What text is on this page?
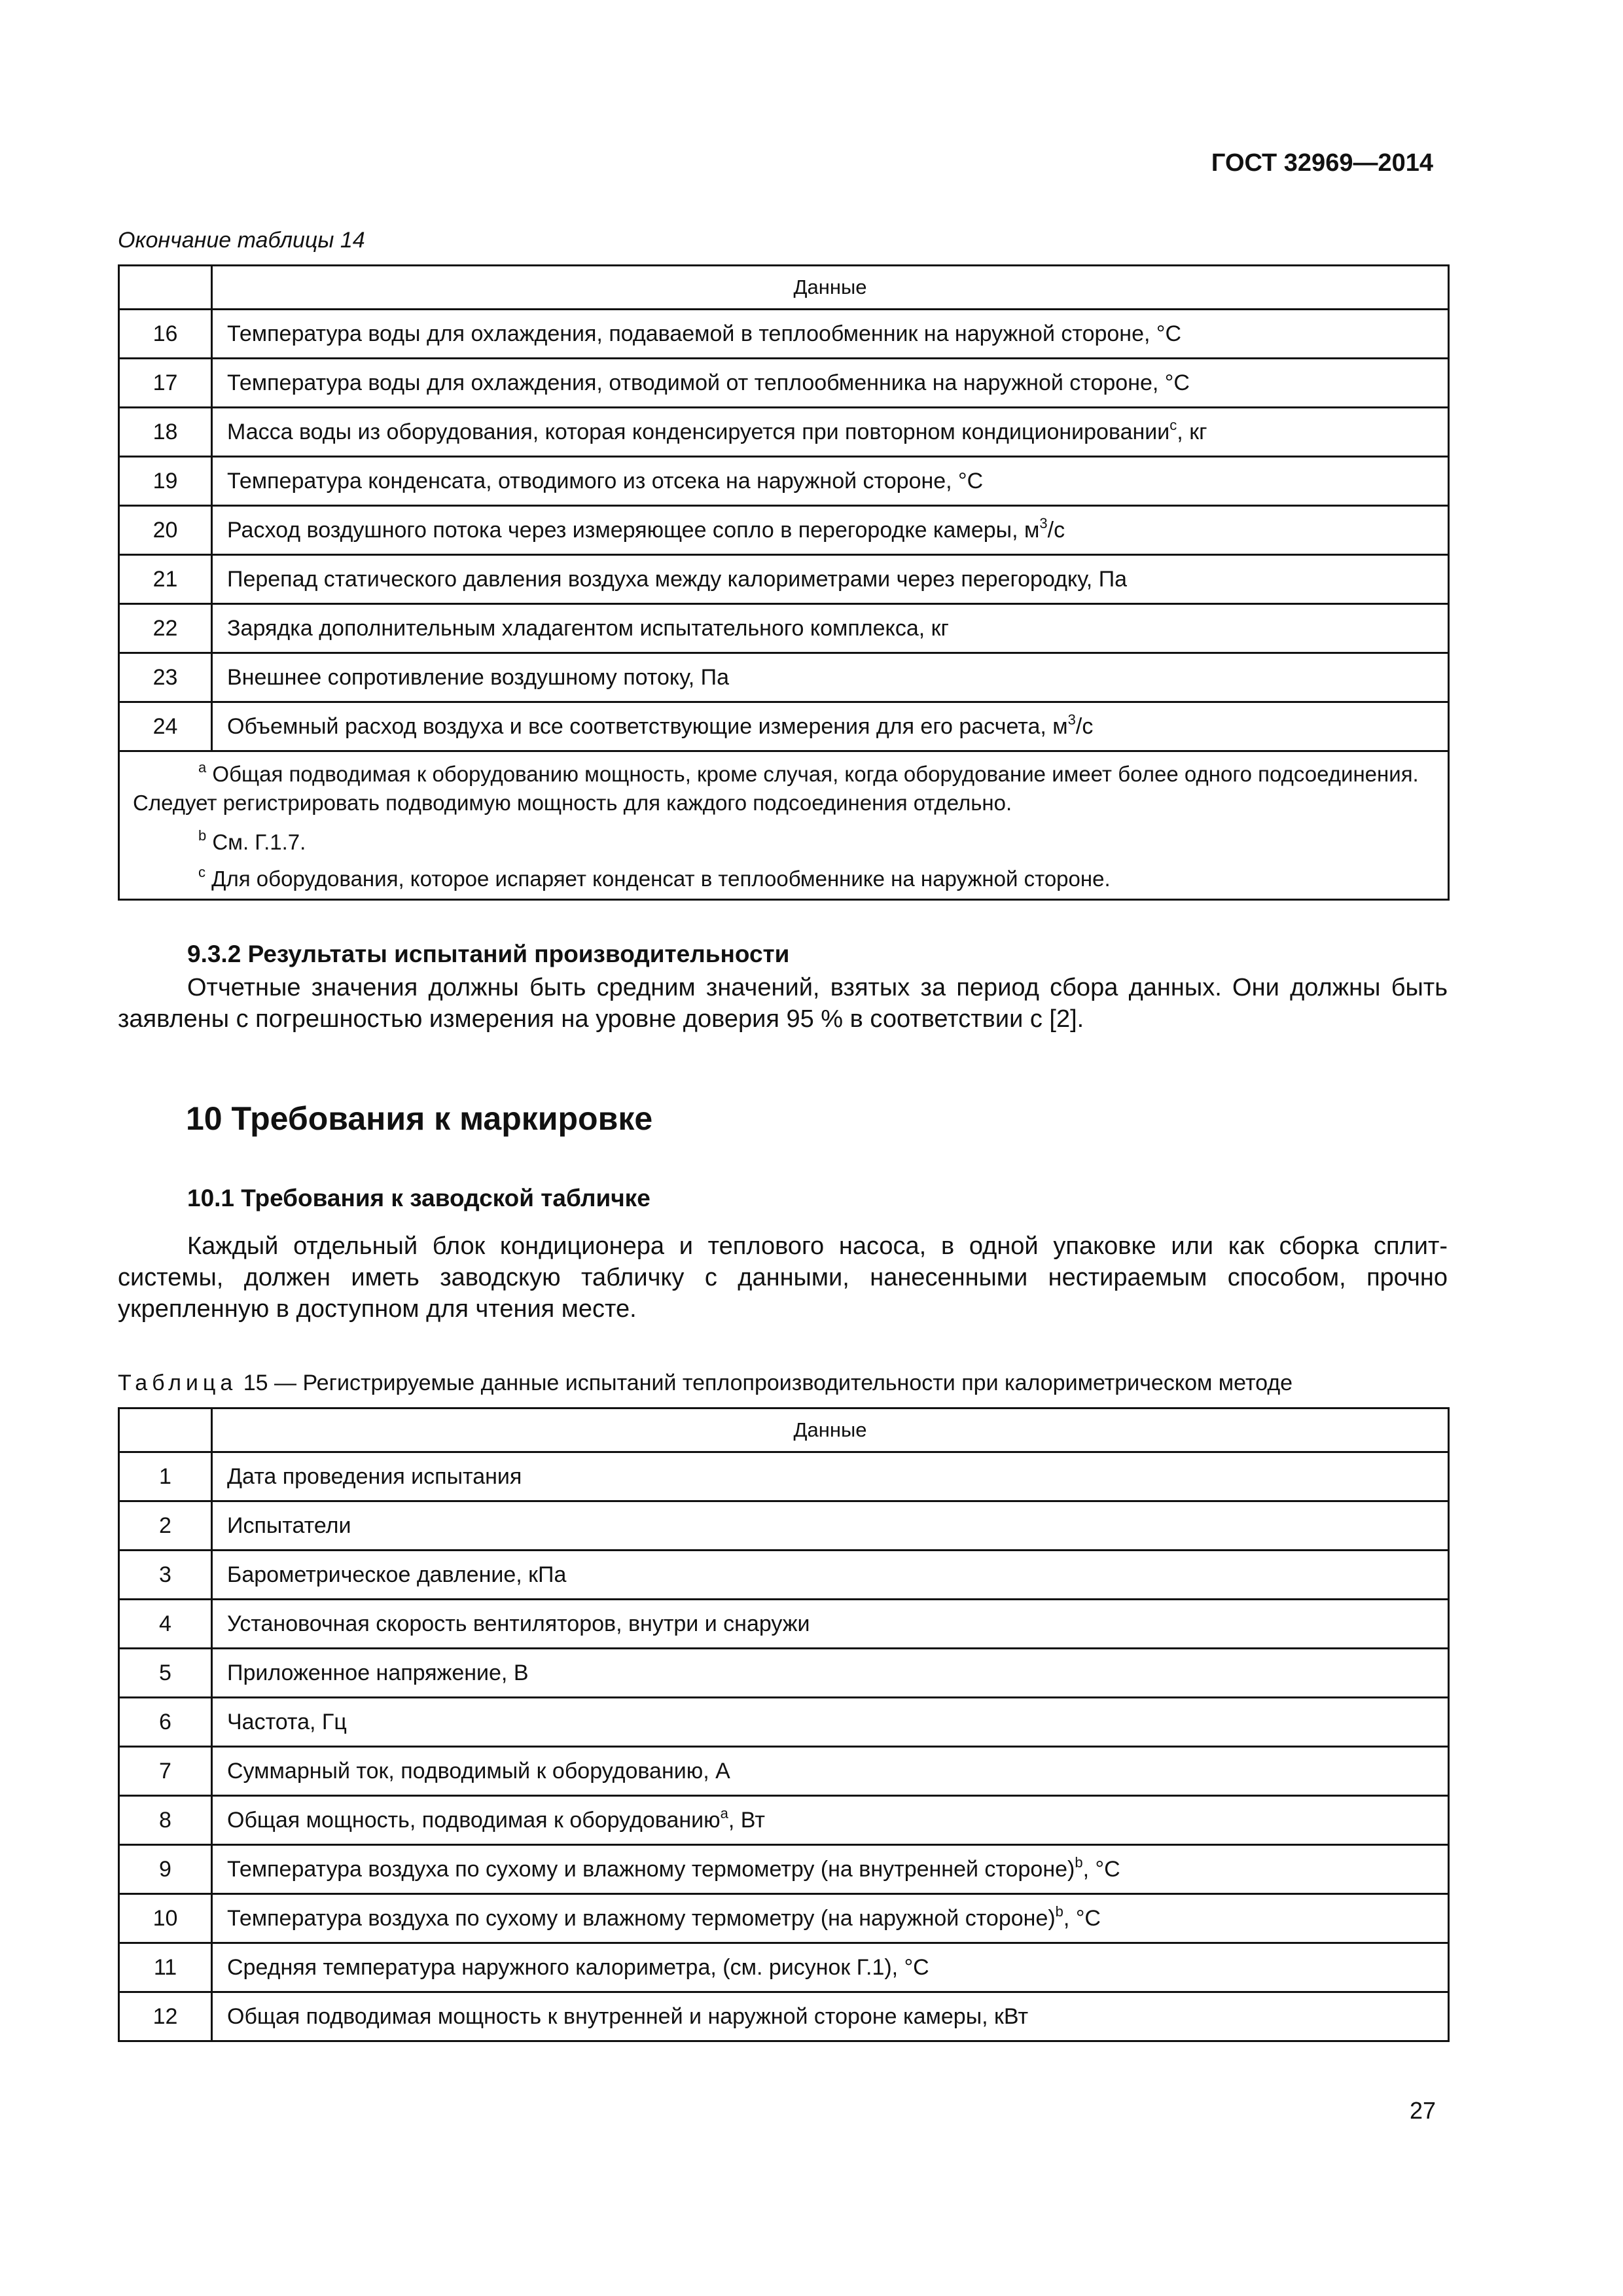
ГОСТ 32969—2014
Окончание таблицы 14
	Данные
16	Температура воды для охлаждения, подаваемой в теплообменник на наружной стороне, °С
17	Температура воды для охлаждения, отводимой от теплообменника на наружной стороне, °С
18	Масса воды из оборудования, которая конденсируется при повторном кондиционировании$^c$, кг
19	Температура конденсата, отводимого из отсека на наружной стороне, °С
20	Расход воздушного потока через измеряющее сопло в перегородке камеры, $м^3/с$
21	Перепад статического давления воздуха между калориметрами через перегородку, Па
22	Зарядка дополнительным хладагентом испытательного комплекса, кг
23	Внешнее сопротивление воздушному потоку, Па
24	Объемный расход воздуха и все соответствующие измерения для его расчета, $м^3/с$

$^a$ Общая подводимая к оборудованию мощность, кроме случая, когда оборудование имеет более одного подсоединения. Следует регистрировать подводимую мощность для каждого подсоединения отдельно.

$^b$ См. Г.1.7.

$^c$ Для оборудования, которое испаряет конденсат в теплообменнике на наружной стороне.	

9.3.2 Результаты испытаний производительности

Отчетные значения должны быть средним значений, взятых за период сбора данных. Они должны быть заявлены с погрешностью измерения на уровне доверия 95 % в соответствии с [2].

10 Требования к маркировке
10.1 Требования к заводской табличке

Каждый отдельный блок кондиционера и теплового насоса, в одной упаковке или как сборка сплит-системы, должен иметь заводскую табличку с данными, нанесенными нестираемым способом, прочно укрепленную в доступном для чтения месте.

Таблица 15 — Регистрируемые данные испытаний теплопроизводительности при калориметрическом методе
	Данные
1	Дата проведения испытания
2	Испытатели
3	Барометрическое давление, кПа
4	Установочная скорость вентиляторов, внутри и снаружи
5	Приложенное напряжение, В
6	Частота, Гц
7	Суммарный ток, подводимый к оборудованию, А
8	Общая мощность, подводимая к оборудованию$^a$, Вт
9	Температура воздуха по сухому и влажному термометру (на внутренней стороне)$^b$, °С
10	Температура воздуха по сухому и влажному термометру (на наружной стороне)$^b$, °С
11	Средняя температура наружного калориметра, (см. рисунок Г.1), °С
12	Общая подводимая мощность к внутренней и наружной стороне камеры, кВт
27
